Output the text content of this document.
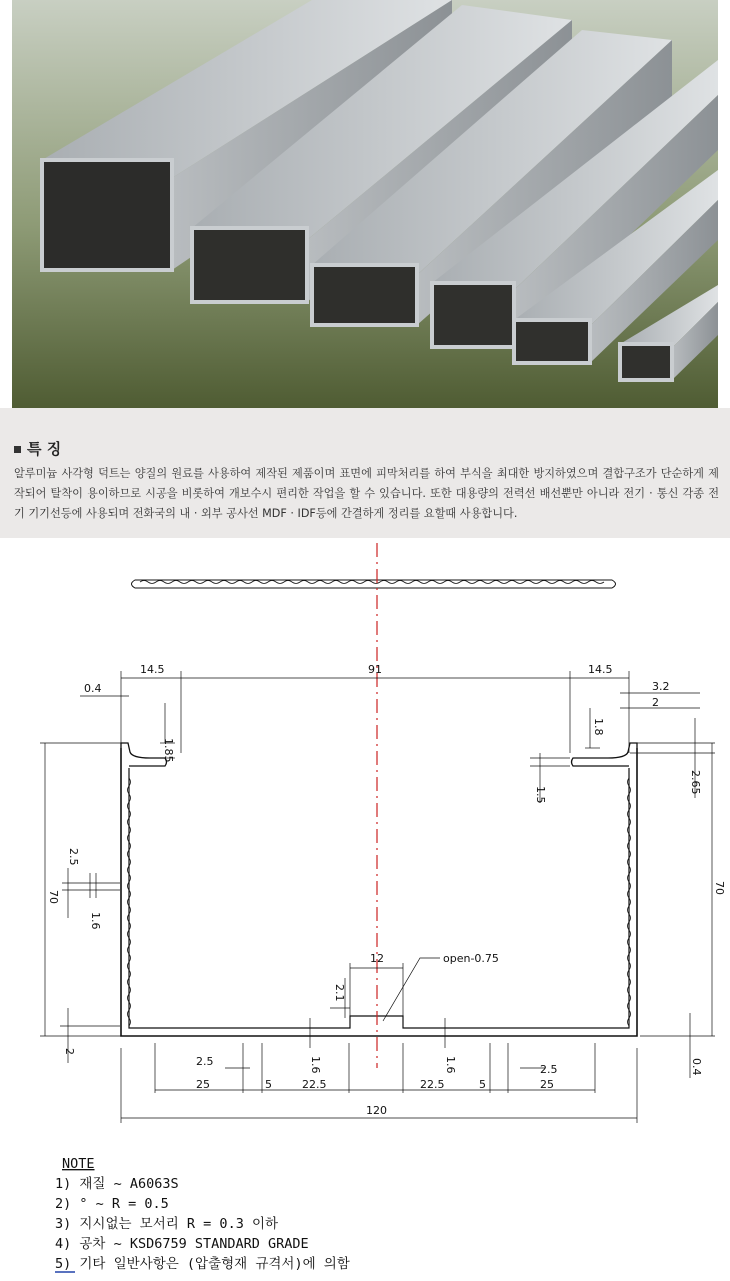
특 징
알루미늄 사각형 덕트는 양질의 원료를 사용하여 제작된 제품이며 표면에 피막처리를 하여 부식을 최대한 방지하였으며 결합구조가 단순하게 제작되어 탈착이 용이하므로 시공을 비롯하여 개보수시 편리한 작업을 할 수 있습니다. 또한 대용량의 전력선 배선뿐만 아니라 전기 · 통신 각종 전기 기기선등에 사용되며 전화국의 내 · 외부 공사선 MDF · IDF등에 간결하게 정리를 요할때 사용합니다.
14.5	91	14.5
0.4	3.2
2
1.85
1.8
1.5
2.65
2.5
70
70
1.6
12
2.1
open-0.75
2
1.6	1.6	0.4
2.5
2.5
25	5	22.5	22.5	5	25
120
NOTE
1) 재질 ~ A6063S
2) ° ~ R = 0.5
3) 지시없는 모서리 R = 0.3 이하
4) 공차 ~ KSD6759 STANDARD GRADE
5) 기타 일반사항은 (압출형재 규격서)에 의함
